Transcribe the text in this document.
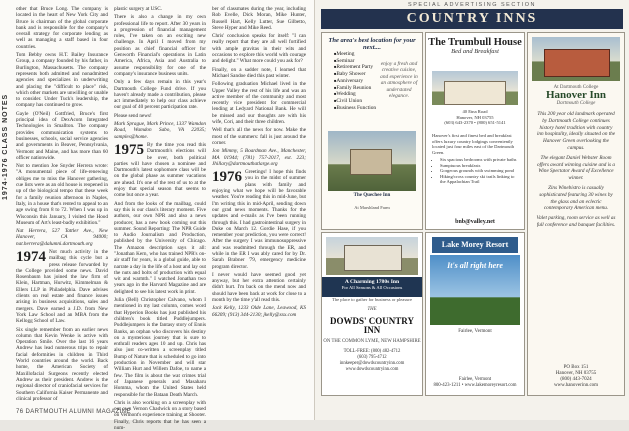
1974-1976 CLASS NOTES

other that Bruce Long. The company is located in the heart of New York City and Bruce is chairman of the global corporate bank and is responsible for the company's overall strategy for corporate lending as well as managing a staff based in four countries.

Tom Bebby owns H.T. Bailey Insurance Group, a company founded by his father, in Burlington, Massachusetts. The company represents both admitted and nonadmitted agencies and specializes in underwriting and placing the "difficult to place" risk, which other markets are unwilling or unable to consider. Under Tuck's leadership, the company has continued to grow.

Gayle (O'Neil) Gottfried, Bruce's first principal idea of DexAcom Integrated Technologies in Smallton. The company provides communication systems to businesses, schools, social service agencies and governments in Beaver, Pennsylvania, Vermont and Maine, and has more than 60 officer nationwide.

Not to mention Joe Snyder Herrera wrote: "A monumental piece of life-renewing obliges me to miss the Hanover gathering, cue lists were as an old house is reopened in up of the biological tempo that these week for a family reunion afternoon in Naples, Italy, in a house that's rented to appeal to an age swing from 8 to 72. When I was up in Wisconsin this January, I visited the Hood Museum of Art's least-badly exhibition."

Nat Herrera, 527 Tattler Ave., New Hanover, CA 94000; nat.herrera@dalumni.dartmouth.org

1974 Not much activity in the mailbag this cycle but a press release forwarded by the College provided some news. David Rosenbaum has joined the law firm of Klein, Hartman, Hurwitz, Kimmelman & Ellers LLP in Philadelphia. Dave advises clients on real estate and finance issues arising in business acquisitions, sales and mergers. Dave earned a J.D. from New York Law School and an MBA from the Kellogg School of Law.

Six single remember from an earlier news column that Kevin Wenke is active with Operation Smile. Over the last 16 years Andrew has lead numerous trips to repair facial deformities in children in Third World countries around the world. Back home, the American Society of Maxillofacial Surgeons recently elected Andrew as their president. Andrew is the regional director of craniofacial services for Southern California Kaiser Permanente and clinical professor of

plastic surgery at USC.

There is also a change in my own professional life to report. After 30 years in a progression of financial management roles, I've taken on an exciting new challenge. In April I moved from my position as chief financial officer for Genworth Financial's operations in Latin America, Africa, Asia and Australia to assume responsibility for one of the company's insurance business units.

Only a few days remain in this year's Dartmouth College Fund drive. If you haven't already made a contribution, please act immediately to help our class achieve our goal of 40 percent participation rate.

Please send news!

Mark Sprague, Mark Prince, 1337 Wamdon Road, Wamdon Sabo, VA 22035; samples@home.

1975 By the time you read this Dartmouth's elections will be over, both political parties will have chosen a nominee and Dartmouth's latest sophomore class will be on the global phase as summer vacations are ahead. It's one of the rest of us to at the enjoy that special season that seems to come but once a year.

And from the looks of the mailbag, could say this is our class's literary moment. Five authors, our own NPR and also a news producer, has a new book coming out this summer. Sound Reporting: The NPR Guide to Audio Journalism and Production, published by the University of Chicago. The Amazon description says it all: "Jonathan Kern, who has trained NPR's on-air staff for years, is a global guide, able to narrate a day in the life of a host and lay out the nuts and bolts of production with equal wit and warmth." I watched Jonathan two years ago in the Harvard Magazine and are delighted to see his latest work in print.

Julia (Bell) Christopher Calvano, whom I mentioned in my last column, comes word that Hyperion Books has just published his children's book titled Puddlejumpers. Puddlejumpers is the fantasy story of Ennis Banks, an orphan who discovers his destiny on a mysterious journey that is sure to enthrall readers ages 10 and up. Chris has also just co-written a screenplay titled Bump of Nature that is scheduled to go into production in November and will star William Hurt and Willem Dafoe, to name a few. The film is about the wat crimes trial of Japanese generals and Masaharu Homma, whom the United States held responsible for the Bataan Death March.

Chris is also working on a screenplay with our own Vernon Chadwick on a story based on Vermont's experience training at Shooter. Finally, Chris reports that he has seen a num-

ber of classmates during the year, including Rob Evelle, Dick Moran, Mike Hunter, Russell Hart, Kelly Lutter, Sue Gilbetto, Steve Hyper and Mike Reed.

Chris' conclusion speaks for itself: "I can really report that they are all well fortified with ample gravitas in their wits and occasions to explore this world with courage and delight." What more could you ask for?

Finally, on a sadder note, I learned that Michael Sandoe died this past winter.

Following graduation Michael lived in the Upper Valley the rest of his life and was an active member of the community and most recently vice president for commercial lending at Ledyard National Bank. He will be missed and our thoughts are with his wife, Cori, and their three children.

Well that's all the news for now. Make the most of the summers: fall is just around the corner.

Jon Mimmy, 5 Boardman Ave., Manchester, MA 01944; (781) 757-2017, ext. 223; Jhillary@dartmouthatlarge.org

1976 Greetings! I hope this finds you in the midst of summer plans with family and enjoying what we hope will be favorable weather. You're reading this in mid-June, but I'm writing this in mid-April, sending down our grad news moments. Thanks for the updates and e-mails as I've been running through this. I had gastrointestinal surgery in Duke on March 12. Gordie Hase, if you remember your prediction, you were correct! After the surgery I was immunosuppressive and was readmitted through the ER, and while in the ER I was ably cared for by Dr. Sarah Brabner '79, emergency medicine program director.

I never would have seemed good yet anyway, but her extra attention certainly didn't hurt. I'm back on the mend now and should have been back at work for close to a month by the time y'all read this.

Jack Kelly, 1233 Olde Lane, Leawood, KS 66209; (913) 344-2130; jkelly@xxx.com

76 DARTMOUTH ALUMNI MAGAZINE
SPECIAL ADVERTISING SECTION
COUNTRY INNS
The area's best location for your next....
■ Meeting
■ Seminar
■ Retirement Party
■ Baby Shower
■ Anniversary
■ Family Reunion
■ Wedding
■ Civil Union
■ Business Function
enjoy a fresh and creative cuisine, and experience in an atmosphere of understated elegance.
The Quechee Inn
At Marshland Farm
The Trumbull House
Bed and Breakfast
40 Etna Road
Hanover, NH 03755
(603) 643-2370 • (800) 651-5141
Hanover's first and finest bed and breakfast offers luxury country lodgings conveniently located just four miles east of the Dartmouth Green.
• Six spacious bedrooms with private baths
• Sumptuous breakfasts
• Gorgeous grounds with swimming pond
• Hiking/cross country ski trails linking to the Appalachian Trail
bnb@valley.net
At Dartmouth College
Hanover Inn
Dartmouth College

This 200 year old landmark operated by Dartmouth College continues history hotel tradition with country inn hospitality, ideally situated on the Hanover Green overlooking the campus.

The elegant Daniel Webster Room offers award winning cuisine and is a Wine Spectator Award of Excellence winner.

Zins Winebistro is casually sophisticated featuring 30 wines by the glass and an eclectic contemporary American menu.

Valet parking, room service as well as full conference and banquet facilities.

PO Box 151
Hanover, NH 03755
(800) 443-7024
www.hanoverinn.com
A Charming 1780s Inn
For All Seasons & All Occasions
The place to gather for business or pleasure
THE
DOWDS' COUNTRY INN
ON THE COMMON LYME, NEW HAMPSHIRE
TOLL-FREE: (800) 482-4712
(603) 795-4712
innkeeper@dowdscountryinn.com
www.dowdscountryinn.com
Lake Morey Resort
It's all right here
Fairlee, Vermont
Fairlee, Vermont
800-423-1211 • www.lakemoreyresort.com
